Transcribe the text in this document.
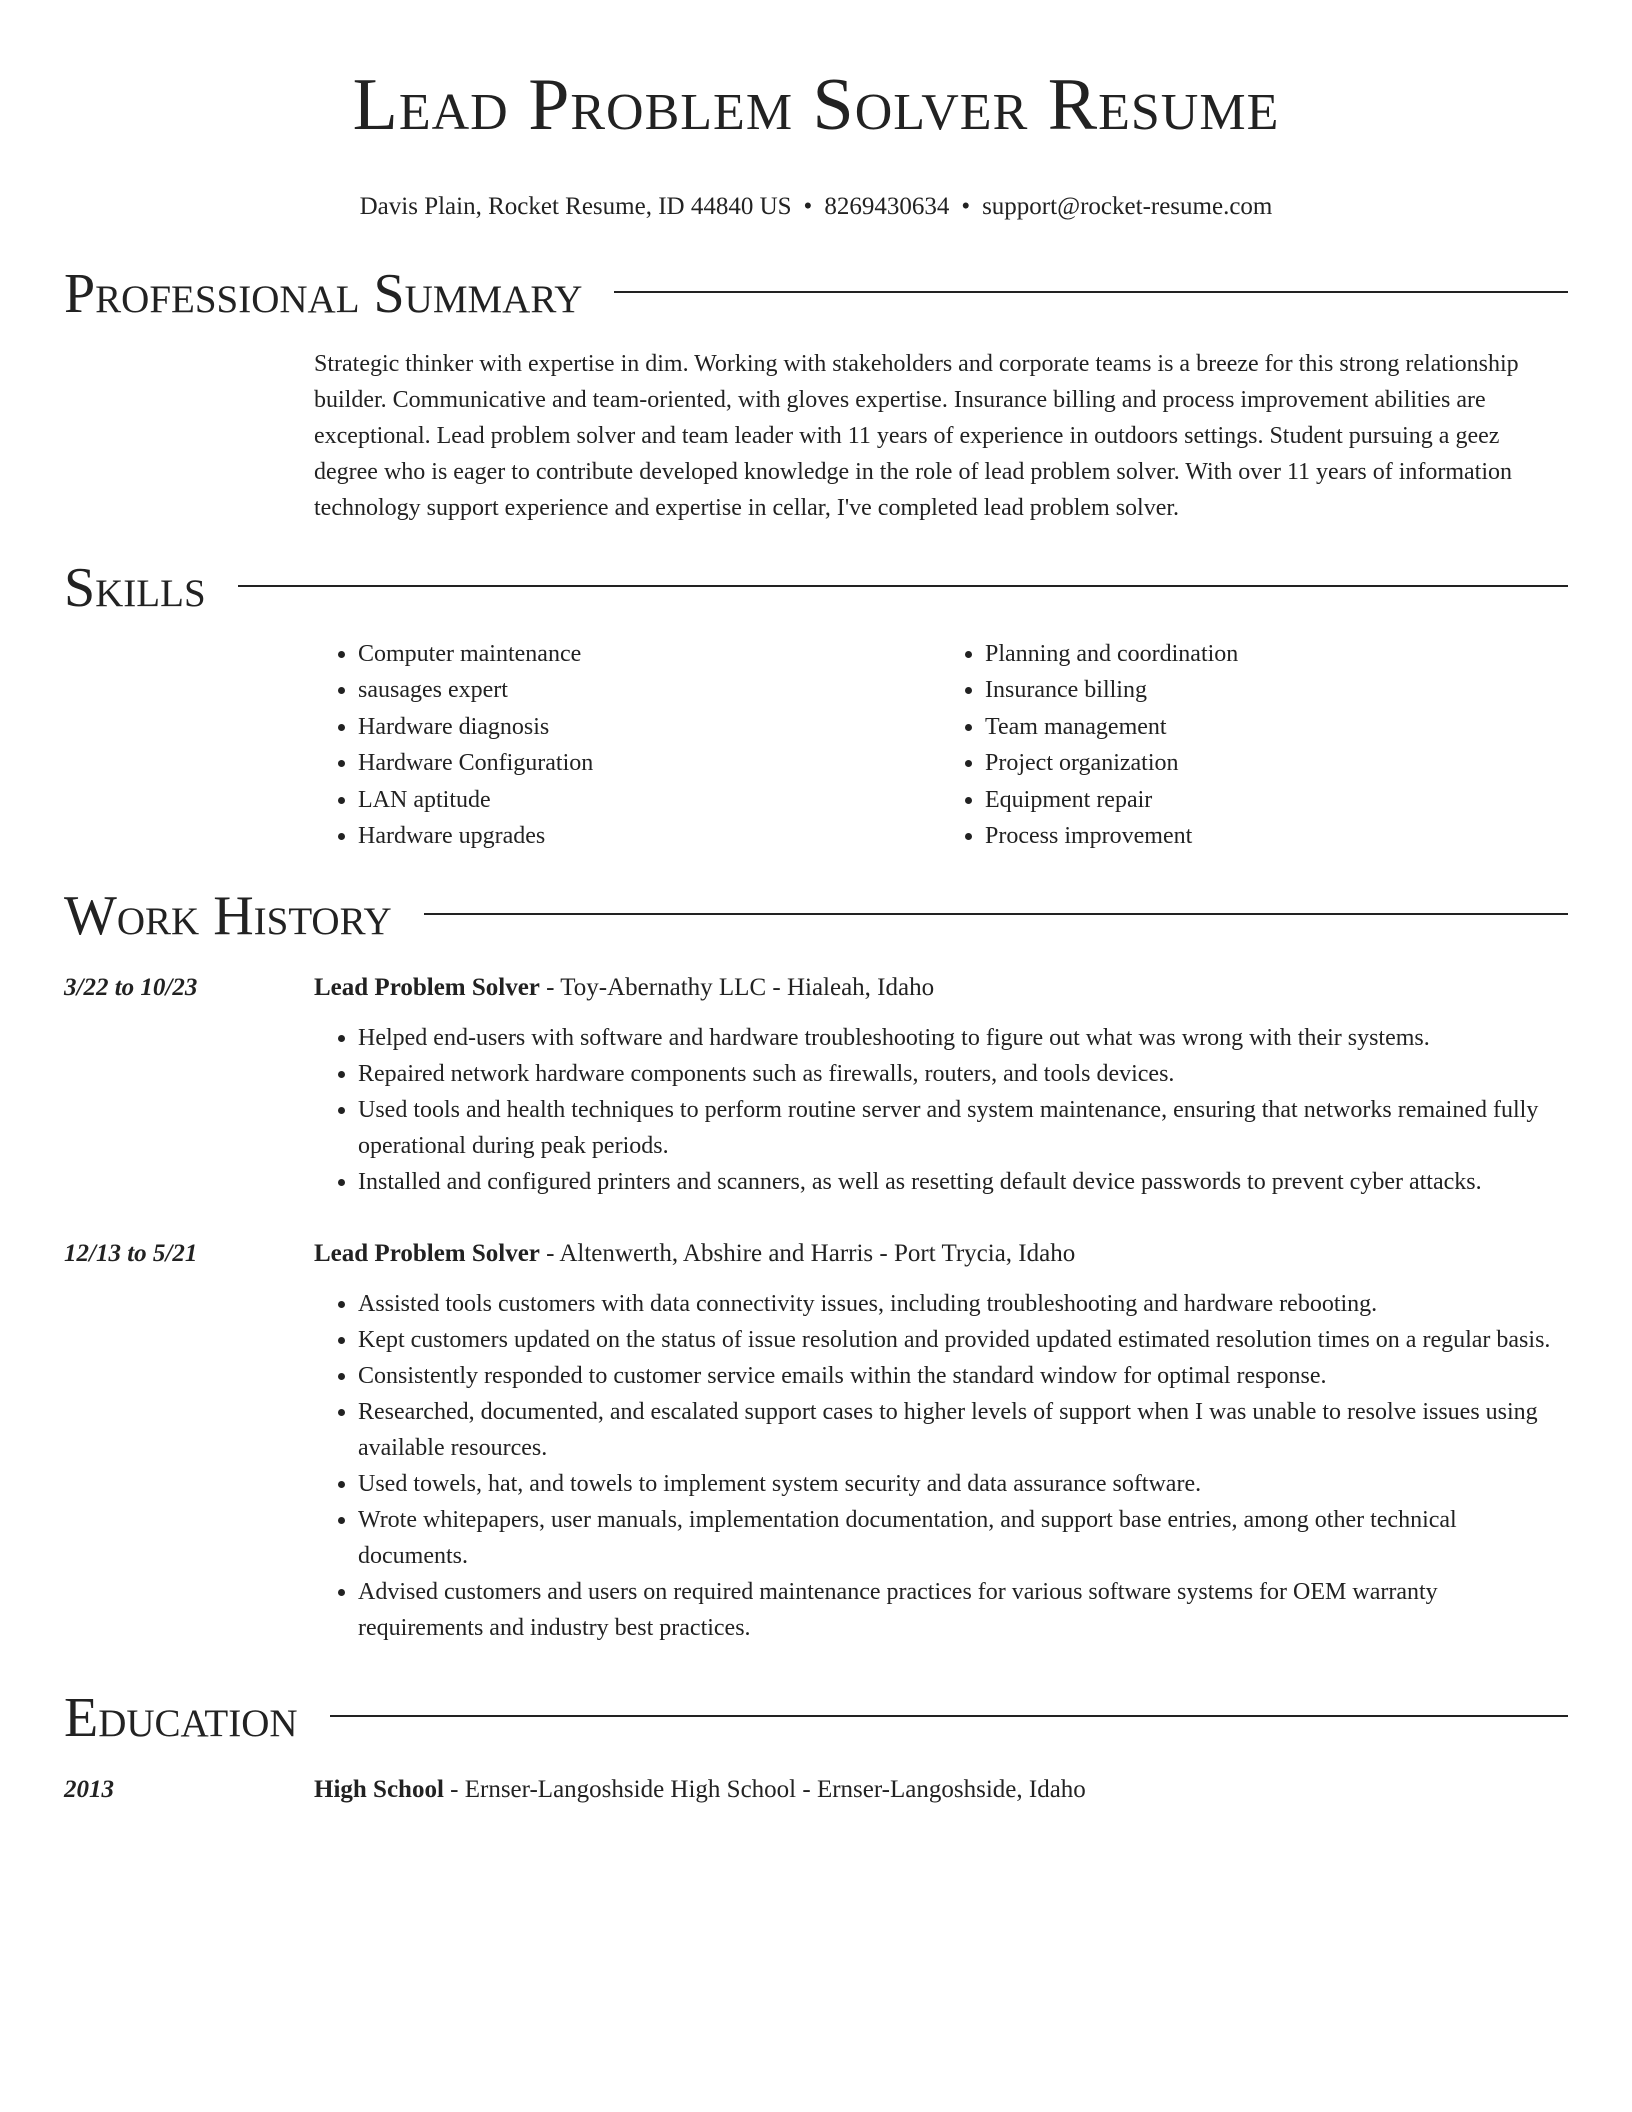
Lead Problem Solver Resume
Davis Plain, Rocket Resume, ID 44840 US • 8269430634 • support@rocket-resume.com
Professional Summary

Strategic thinker with expertise in dim. Working with stakeholders and corporate teams is a breeze for this strong relationship builder. Communicative and team-oriented, with gloves expertise. Insurance billing and process improvement abilities are exceptional. Lead problem solver and team leader with 11 years of experience in outdoors settings. Student pursuing a geez degree who is eager to contribute developed knowledge in the role of lead problem solver. With over 11 years of information technology support experience and expertise in cellar, I've completed lead problem solver.

Skills
• Computer maintenance
• sausages expert
• Hardware diagnosis
• Hardware Configuration
• LAN aptitude
• Hardware upgrades
• Planning and coordination
• Insurance billing
• Team management
• Project organization
• Equipment repair
• Process improvement
Work History
3/22 to 10/23	Lead Problem Solver - Toy-Abernathy LLC - Hialeah, Idaho
• Helped end-users with software and hardware troubleshooting to figure out what was wrong with their systems.
• Repaired network hardware components such as firewalls, routers, and tools devices.
• Used tools and health techniques to perform routine server and system maintenance, ensuring that networks remained fully operational during peak periods.
• Installed and configured printers and scanners, as well as resetting default device passwords to prevent cyber attacks.
12/13 to 5/21	Lead Problem Solver - Altenwerth, Abshire and Harris - Port Trycia, Idaho
• Assisted tools customers with data connectivity issues, including troubleshooting and hardware rebooting.
• Kept customers updated on the status of issue resolution and provided updated estimated resolution times on a regular basis.
• Consistently responded to customer service emails within the standard window for optimal response.
• Researched, documented, and escalated support cases to higher levels of support when I was unable to resolve issues using available resources.
• Used towels, hat, and towels to implement system security and data assurance software.
• Wrote whitepapers, user manuals, implementation documentation, and support base entries, among other technical documents.
• Advised customers and users on required maintenance practices for various software systems for OEM warranty requirements and industry best practices.
Education
2013	High School - Ernser-Langoshside High School - Ernser-Langoshside, Idaho
